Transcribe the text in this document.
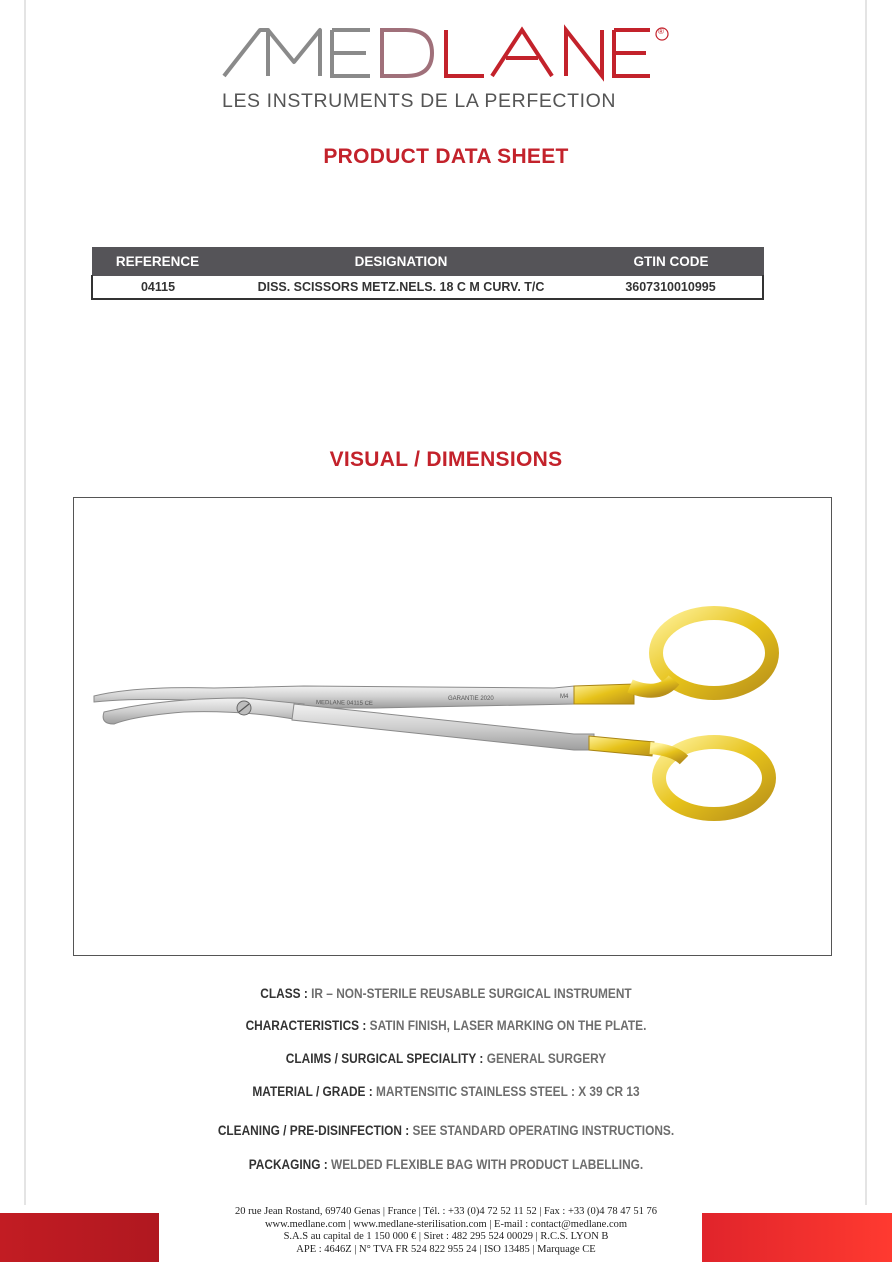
®
LES INSTRUMENTS DE LA PERFECTION
PRODUCT DATA SHEET
REFERENCE	DESIGNATION	GTIN CODE
04115	DISS. SCISSORS METZ.NELS. 18 C M CURV. T/C	3607310010995
VISUAL / DIMENSIONS
MEDLANE 04115 CE
GARANTIE 2020	M4
CLASS : IR – NON-STERILE REUSABLE SURGICAL INSTRUMENT
CHARACTERISTICS : SATIN FINISH, LASER MARKING ON THE PLATE.
CLAIMS / SURGICAL SPECIALITY : GENERAL SURGERY
MATERIAL / GRADE : MARTENSITIC STAINLESS STEEL : X 39 CR 13
CLEANING / PRE-DISINFECTION : SEE STANDARD OPERATING INSTRUCTIONS.
PACKAGING : WELDED FLEXIBLE BAG WITH PRODUCT LABELLING.
20 rue Jean Rostand, 69740 Genas | France | Tél. : +33 (0)4 72 52 11 52 | Fax : +33 (0)4 78 47 51 76
www.medlane.com | www.medlane-sterilisation.com | E-mail : contact@medlane.com
S.A.S au capital de 1 150 000 € | Siret : 482 295 524 00029 | R.C.S. LYON B
APE : 4646Z | N° TVA FR 524 822 955 24 | ISO 13485 | Marquage CE
